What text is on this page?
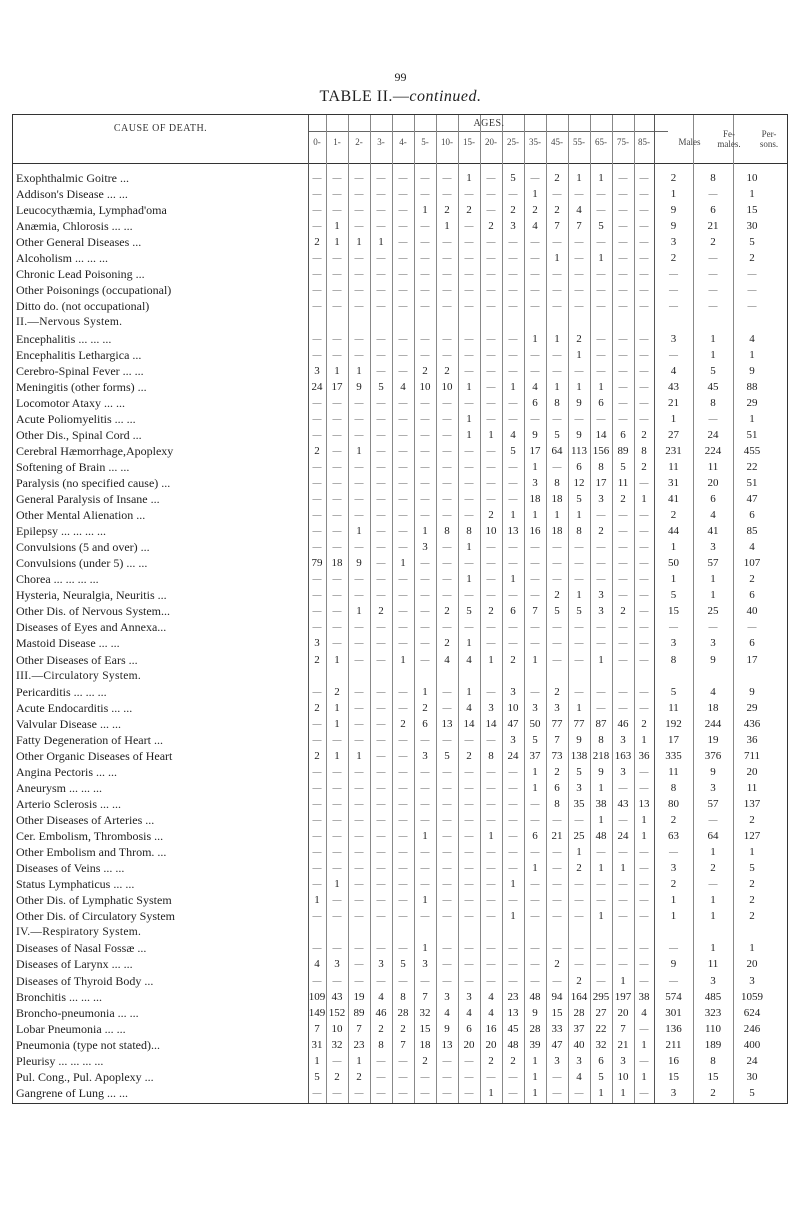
99
TABLE II.—continued.
CAUSE OF DEATH.	AGES.
0-	1-	2-	3-	4-	5-	10-	15-	20-	25-	35-	45-	55-	65-	75-	85-	Males
Fe-
males.
Per-
sons.
Exophthalmic Goitre ...	—	—	—	—	—	—	—	1	—	5	—	2	1	1	—	—	2	8	10
Addison's Disease ... ...	—	—	—	—	—	—	—	—	—	—	1	—	—	—	—	—	1	—	1
Leucocythæmia, Lymphad'oma	—	—	—	—	—	1	2	2	—	2	2	2	4	—	—	—	9	6	15
Anæmia, Chlorosis ... ...	—	1	—	—	—	—	1	—	2	3	4	7	7	5	—	—	9	21	30
Other General Diseases ...	2	1	1	1	—	—	—	—	—	—	—	—	—	—	—	—	3	2	5
Alcoholism ... ... ...	—	—	—	—	—	—	—	—	—	—	—	1	—	1	—	—	2	—	2
Chronic Lead Poisoning ...	—	—	—	—	—	—	—	—	—	—	—	—	—	—	—	—	—	—	—
Other Poisonings (occupational)	—	—	—	—	—	—	—	—	—	—	—	—	—	—	—	—	—	—	—
Ditto do. (not occupational)	—	—	—	—	—	—	—	—	—	—	—	—	—	—	—	—	—	—	—
II.—Nervous System.
Encephalitis ... ... ...	—	—	—	—	—	—	—	—	—	—	1	1	2	—	—	—	3	1	4
Encephalitis Lethargica ...	—	—	—	—	—	—	—	—	—	—	—	—	1	—	—	—	—	1	1
Cerebro-Spinal Fever ... ...	3	1	1	—	—	2	2	—	—	—	—	—	—	—	—	—	4	5	9
Meningitis (other forms) ...	24 17	9	5	4	10	10	1	—	1	4	1	1	1	—	—	43	45	88
Locomotor Ataxy ... ...	—	—	—	—	—	—	—	—	—	—	6	8	9	6	—	—	21	8	29
Acute Poliomyelitis ... ...	—	—	—	—	—	—	—	1	—	—	—	—	—	—	—	—	1	—	1
Other Dis., Spinal Cord ...	—	—	—	—	—	—	—	1	1	4	9	5	9	14	6	2	27	24	51
Cerebral Hæmorrhage,Apoplexy	2	—	1	—	—	—	—	—	—	5	17	64 113 156 89	8	231	224	455
Softening of Brain ... ...	—	—	—	—	—	—	—	—	—	—	1	—	6	8	5	2	11	11	22
Paralysis (no specified cause) ...	—	—	—	—	—	—	—	—	—	—	3	8	12	17	11	—	31	20	51
General Paralysis of Insane ...	—	—	—	—	—	—	—	—	—	—	18	18	5	3	2	1	41	6	47
Other Mental Alienation ...	—	—	—	—	—	—	—	—	2	1	1	1	1	—	—	—	2	4	6
Epilepsy ... ... ... ...	—	—	1	—	—	1	8	8	10	13	16	18	8	2	—	—	44	41	85
Convulsions (5 and over) ...	—	—	—	—	—	3	—	1	—	—	—	—	—	—	—	—	1	3	4
Convulsions (under 5) ... ...	79 18	9	—	1	—	—	—	—	—	—	—	—	—	—	—	50	57	107
Chorea ... ... ... ...	—	—	—	—	—	—	—	1	—	1	—	—	—	—	—	—	1	1	2
Hysteria, Neuralgia, Neuritis ...	—	—	—	—	—	—	—	—	—	—	—	2	1	3	—	—	5	1	6
Other Dis. of Nervous System...	—	—	1	2	—	—	2	5	2	6	7	5	5	3	2	—	15	25	40
Diseases of Eyes and Annexa...	—	—	—	—	—	—	—	—	—	—	—	—	—	—	—	—	—	—	—
Mastoid Disease ... ...	3	—	—	—	—	—	2	1	—	—	—	—	—	—	—	—	3	3	6
Other Diseases of Ears ...	2	1	—	—	1	—	4	4	1	2	1	—	—	1	—	—	8	9	17
III.—Circulatory System.
Pericarditis ... ... ...	—	2	—	—	—	1	—	1	—	3	—	2	—	—	—	—	5	4	9
Acute Endocarditis ... ...	2	1	—	—	—	2	—	4	3	10	3	3	1	—	—	—	11	18	29
Valvular Disease ... ...	—	1	—	—	2	6	13	14	14	47	50	77	77	87	46	2	192	244	436
Fatty Degeneration of Heart ...	—	—	—	—	—	—	—	—	—	3	5	7	9	8	3	1	17	19	36
Other Organic Diseases of Heart	2	1	1	—	—	3	5	2	8	24	37	73 138 218 163 36	335	376	711
Angina Pectoris ... ...	—	—	—	—	—	—	—	—	—	—	1	2	5	9	3	—	11	9	20
Aneurysm ... ... ...	—	—	—	—	—	—	—	—	—	—	1	6	3	1	—	—	8	3	11
Arterio Sclerosis ... ...	—	—	—	—	—	—	—	—	—	—	—	8	35	38	43 13	80	57	137
Other Diseases of Arteries ...	—	—	—	—	—	—	—	—	—	—	—	—	—	1	—	1	2	—	2
Cer. Embolism, Thrombosis ...	—	—	—	—	—	1	—	—	1	—	6	21	25	48	24	1	63	64	127
Other Embolism and Throm. ...	—	—	—	—	—	—	—	—	—	—	—	—	1	—	—	—	—	1	1
Diseases of Veins ... ...	—	—	—	—	—	—	—	—	—	—	1	—	2	1	1	—	3	2	5
Status Lymphaticus ... ...	—	1	—	—	—	—	—	—	—	1	—	—	—	—	—	—	2	—	2
Other Dis. of Lymphatic System	1	—	—	—	—	1	—	—	—	—	—	—	—	—	—	—	1	1	2
Other Dis. of Circulatory System	—	—	—	—	—	—	—	—	—	1	—	—	—	1	—	—	1	1	2
IV.—Respiratory System.
Diseases of Nasal Fossæ ...	—	—	—	—	—	1	—	—	—	—	—	—	—	—	—	—	—	1	1
Diseases of Larynx ... ...	4	3	—	3	5	3	—	—	—	—	—	2	—	—	—	—	9	11	20
Diseases of Thyroid Body ...	—	—	—	—	—	—	—	—	—	—	—	—	2	—	1	—	—	3	3
Bronchitis ... ... ...	109 43	19	4	8	7	3	3	4	23	48	94 164 295 197 38	574	485	1059
Broncho-pneumonia ... ...	149 152 89	46	28	32	4	4	4	13	9	15	28	27	20	4	301	323	624
Lobar Pneumonia ... ...	7	10	7	2	2	15	9	6	16	45	28	33	37	22	7	—	136	110	246
Pneumonia (type not stated)...	31 32	23	8	7	18	13	20	20	48	39	47	40	32	21	1	211	189	400
Pleurisy ... ... ... ...	1	—	1	—	—	2	—	—	2	2	1	3	3	6	3	—	16	8	24
Pul. Cong., Pul. Apoplexy ...	5	2	2	—	—	—	—	—	—	—	1	—	4	5	10	1	15	15	30
Gangrene of Lung ... ...	—	—	—	—	—	—	—	—	1	—	1	—	—	1	1	—	3	2	5
